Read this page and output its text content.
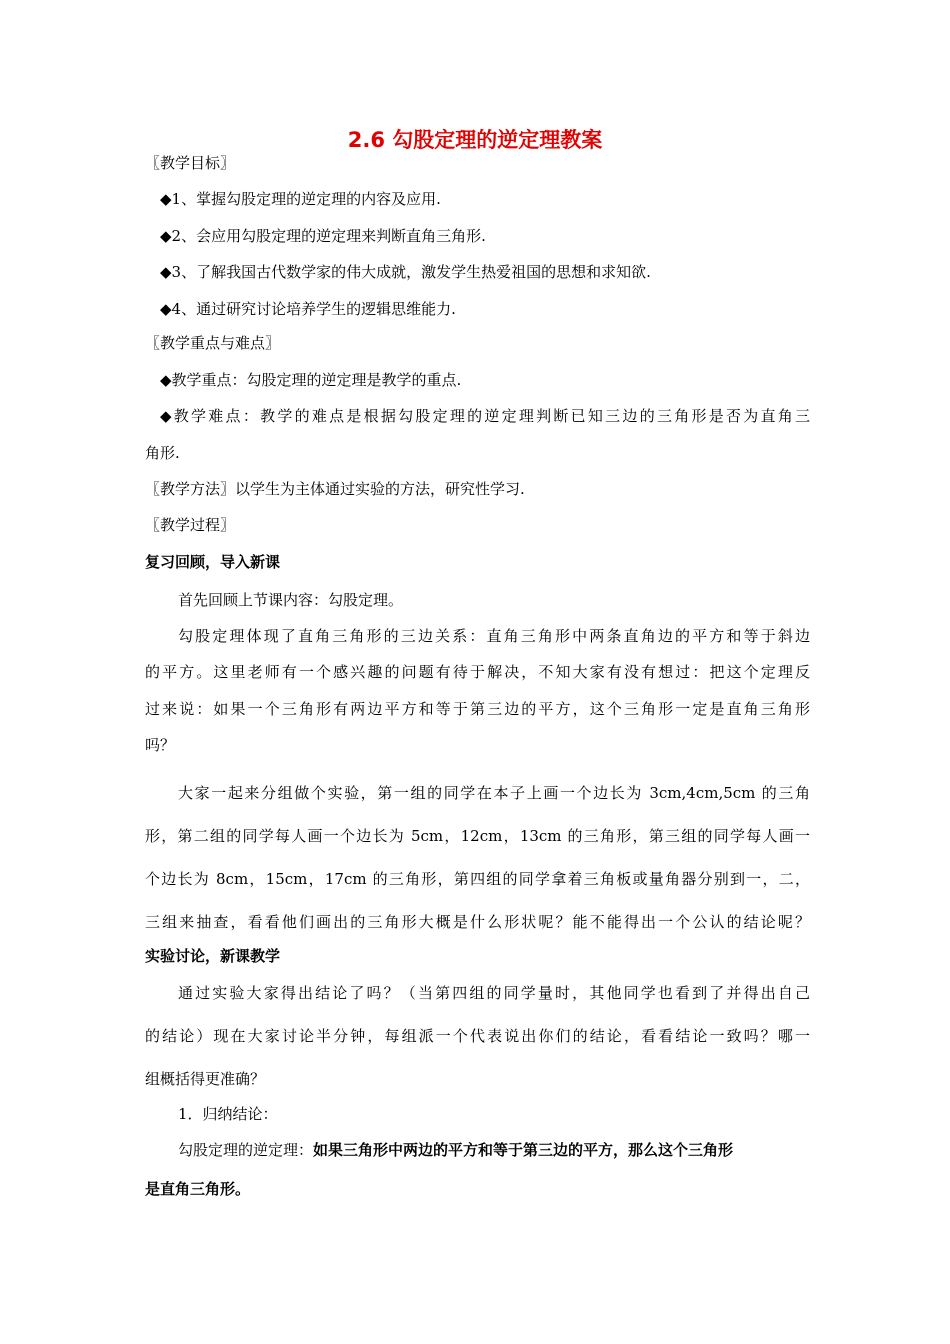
2.6 勾股定理的逆定理教案
〖教学目标〗
◆1、掌握勾股定理的逆定理的内容及应用.
◆2、会应用勾股定理的逆定理来判断直角三角形.
◆3、了解我国古代数学家的伟大成就，激发学生热爱祖国的思想和求知欲.
◆4、通过研究讨论培养学生的逻辑思维能力.
〖教学重点与难点〗
◆教学重点：勾股定理的逆定理是教学的重点.
◆教学难点：教学的难点是根据勾股定理的逆定理判断已知三边的三角形是否为直角三
角形.
〖教学方法〗以学生为主体通过实验的方法，研究性学习.
〖教学过程〗
复习回顾，导入新课
首先回顾上节课内容：勾股定理。
勾股定理体现了直角三角形的三边关系：直角三角形中两条直角边的平方和等于斜边
的平方。这里老师有一个感兴趣的问题有待于解决，不知大家有没有想过：把这个定理反
过来说：如果一个三角形有两边平方和等于第三边的平方，这个三角形一定是直角三角形
吗？
大家一起来分组做个实验，第一组的同学在本子上画一个边长为 3cm,4cm,5cm 的三角
形，第二组的同学每人画一个边长为 5cm，12cm，13cm 的三角形，第三组的同学每人画一
个边长为 8cm，15cm，17cm 的三角形，第四组的同学拿着三角板或量角器分别到一，二，
三组来抽查，看看他们画出的三角形大概是什么形状呢？能不能得出一个公认的结论呢？
实验讨论，新课教学
通过实验大家得出结论了吗？（当第四组的同学量时，其他同学也看到了并得出自己
的结论）现在大家讨论半分钟，每组派一个代表说出你们的结论，看看结论一致吗？哪一
组概括得更准确？
1．归纳结论：
勾股定理的逆定理：如果三角形中两边的平方和等于第三边的平方，那么这个三角形
是直角三角形。
